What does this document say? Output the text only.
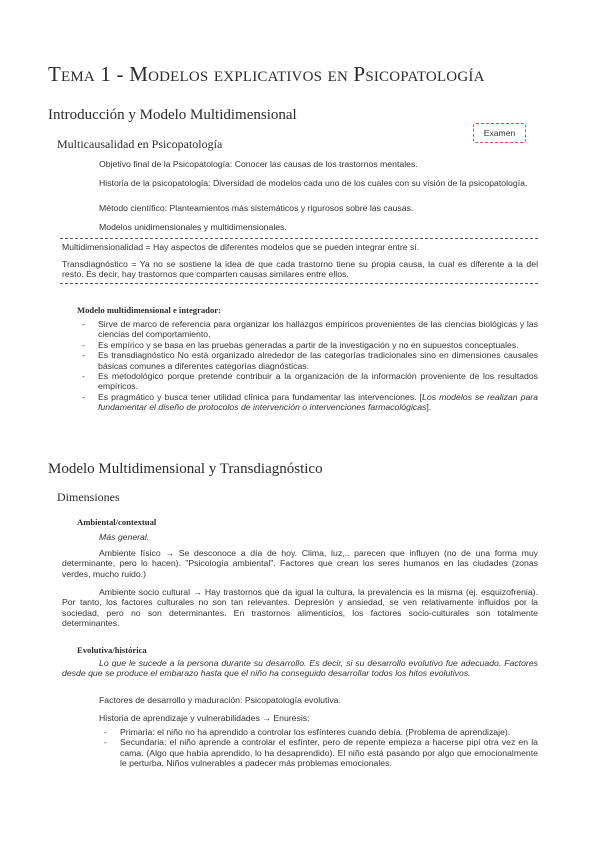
Tema 1 - Modelos explicativos en Psicopatología
Introducción y Modelo Multidimensional
Examen
Multicausalidad en Psicopatología
Objetivo final de la Psicopatología: Conocer las causas de los trastornos mentales.
Historia de la psicopatología: Diversidad de modelos cada uno de los cuales con su visión de la psicopatología.
Método científico: Planteamientos más sistemáticos y rigurosos sobre las causas.
Modelos unidimensionales y multidimensionales.
Multidimensionalidad = Hay aspectos de diferentes modelos que se pueden integrar entre sí.
Transdiagnóstico = Ya no se sostiene la idea de que cada trastorno tiene su propia causa, la cual es diferente a la del resto. Es decir, hay trastornos que comparten causas similares entre ellos.
Modelo multidimensional e integrador:
- Sirve de marco de referencia para organizar los hallazgos empíricos provenientes de las ciencias biológicas y las ciencias del comportamiento.
- Es empírico y se basa en las pruebas generadas a partir de la investigación y no en supuestos conceptuales.
- Es transdiagnóstico No está organizado alrededor de las categorías tradicionales sino en dimensiones causales básicas comunes a diferentes categorías diagnósticas.
- Es metodológico porque pretende contribuir a la organización de la información proveniente de los resultados empíricos.
- Es pragmático y busca tener utilidad clínica para fundamentar las intervenciones. [Los modelos se realizan para fundamentar el diseño de protocolos de intervención o intervenciones farmacológicas].
Modelo Multidimensional y Transdiagnóstico
Dimensiones
Ambiental/contextual
Más general.
Ambiente físico → Se desconoce a día de hoy. Clima, luz,.. parecen que influyen (no de una forma muy determinante, pero lo hacen). "Psicología ambiental". Factores que crean los seres humanos en las ciudades (zonas verdes, mucho ruido.)
Ambiente socio cultural → Hay trastornos que da igual la cultura, la prevalencia es la misma (ej. esquizofrenia). Por tanto, los factores culturales no son tan relevantes. Depresión y ansiedad, se ven relativamente influidos por la sociedad, pero no son determinantes. En trastornos alimenticios, los factores socio-culturales son totalmente determinantes.
Evolutiva/histórica
Lo que le sucede a la persona durante su desarrollo. Es decir, si su desarrollo evolutivo fue adecuado. Factores desde que se produce el embarazo hasta que el niño ha conseguido desarrollar todos los hitos evolutivos.
Factores de desarrollo y maduración: Psicopatología evolutiva.
Historia de aprendizaje y vulnerabilidades → Enuresis:
- Primaria: el niño no ha aprendido a controlar los esfínteres cuando debía. (Problema de aprendizaje).
- Secundaria: el niño aprende a controlar el esfínter, pero de repente empieza a hacerse pipí otra vez en la cama. (Algo que había aprendido, lo ha desaprendido). El niño está pasando por algo que emocionalmente le perturba. Niños vulnerables a padecer más problemas emocionales.
